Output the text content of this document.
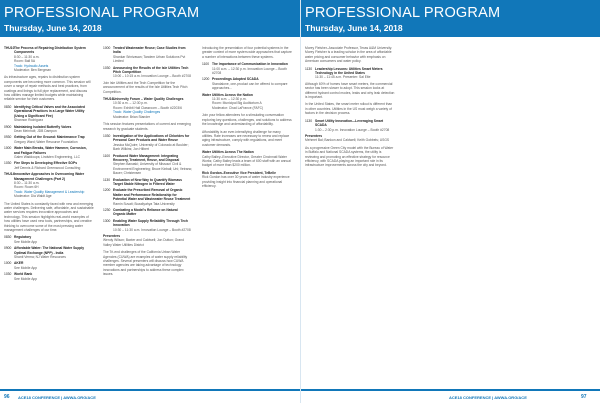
PROFESSIONAL PROGRAM
Thursday, June 14, 2018
THU10The Process of Repairing Distribution System Components
8:30 – 11:30 a.m.
Room: Ball 5A
Track: Hydraulic Assets
Moderator: Ben Bergman

As infrastructure ages, repairs to distribution system components are becoming more common. This session will cover a range of repair methods and best practices, from coatings and linings to full pipe replacement, and discuss how utilities manage limited budgets while maintaining reliable service for their customers.

0830 Identifying Critical Valves and the Associated Operational Practices in a Large Water Utility (Using a Significant Fire)
Shannon Rodriguez
0900 Maintaining Isolated Butterfly Valves
Dean Meinholt; JDB Dampon
0930 Getting Out of the Ground: Maintenance Trap
Gregory Ward; Water Resource Foundation
1000 Water Main Breaks, Water Hammer, Corrosion, and Fatigue Failures
Galen Waddoups; Lindsten Engineering, LLC
1030 Fire Steps to Developing Effective SOPs
Jeff Dennis & Richard Greenwood Consulting
THU14Innovative Approaches in Overcoming Water Management Challenges (Part 2)
8:30 – 11:30 a.m.
Room: Room 6H
Track: Water Quality Management & Leadership
Moderator: Dia Waldt Age

The United States is constantly faced with new and emerging water challenges. Delivering safe, affordable, and sustainable water services requires innovative approaches and technology. This session highlights real-world examples of how utilities have used new tools, partnerships, and creative thinking to overcome some of the most pressing water management challenges of our time.

0830 Regulatory
See Mobile App
0900 Affordable Water: The National Water Supply Optimal Exchange (NPP) - India
Shanti Verma; NJ Water Resources
1000 AKER
See Mobile App
1030 World Bank
See Mobile App
1000 Treated Wastewater Reuse; Case Studies from India
Shankar Srinivasan; Tandem Urban Solutions Pvt Limited
1030 Announcing the Results of the Isle Utilities Tech Pitch Competition
10:00 – 10:15 a.m. Innovation Lounge – Booth #2708

Join Isle Utilities and the Tech Competition for the announcement of the results of the Isle Utilities Tech Pitch Competition.

THU16University Forum – Water Quality Challenges
10:30 a.m. – 12:30 p.m.
Room: Exhibit Hall Classroom – Booth #2203/6
Track: Water Quality Challenges
Moderator: Brian Stander

This session features presentations of current and emerging research by graduate students.

1030 Investigation of the Applications of Chlorides for Personal Care Products and Water Reuse
Jessica McQuire; University of Colorado at Boulder; Barb Wilkins; Jon Hilbert
1100 Produced Water Management: Integrating Recovery, Treatment, Reuse, and Disposal
Stephen Banaski; University of Missouri Civil & Environment Engineering; Bruce Kinball; Uni; Vetrano; Bauer; Christensen
1130 Evaluation of New Way to Quantify Biomass Target Stable Nitrogen in Filtered Water
1200 Evaluate the Prescribed Removal of Organic Matter and Performance Relationship for Potential Water and Wastewater Reuse Treatment
Ramin Suvati; Bozaliyahya Tata University
1230 Combating a Model's Reliance on Natural Organic Matter
1300 Enabling Water Supply Reliability Through Tech Innovation
10:30 – 11:30 a.m. Innovation Lounge – Booth #2708
Presenters

Wendy Wilson; Baxter and Caldwell; Jon Dutton; Grand Valley Water Utilities District

The Tri-end challenges of the California Urban Water Agencies (CUWA) are examples of water supply reliability challenges. Several presenters will discuss how CUWA member agencies are taking advantage of technology innovations and partnerships to address these complex issues.

Introducing the presentation of four potential systems in the greater context of more system-wide approaches that capture a number of interactions between these systems.

1100 The Importance of Communication in Innovation
11:00 a.m. – 12:30 p.m. Innovation Lounge – Booth #2708
1200 Proceedings Adopted SCADA
Standalone, one-product can be offered to compare approaches...
Water Utilities Across the Nation
11:30 a.m. – 12:30 p.m.
Room: Municipal Big Auditorium A
Moderator: Chad LaFrance (FAFC)

Join your fellow attendees for a stimulating conversation exploring key questions, challenges, and solutions to address the knowledge and understanding of affordability.

Affordability is an ever-intensifying challenge for many utilities. Rate increases are necessary to renew and replace aging infrastructure, comply with regulations, and meet customer demands.

Water Utilities Across The Nation

Cathy Bailey–Executive Director, Greater Cincinnati Water Works; Cathy Bailey leads a team of 600 staff with an annual budget of more than $200 million.

Rick Gordon–Executive Vice President, TeBelle

Rick Gordon has over 30 years of water industry experience providing insight into financial planning and operational efficiency.

96 ACE18 CONFERENCE | AWWA.ORG/ACE
PROFESSIONAL PROGRAM
Thursday, June 14, 2018

Morey Fleisher–Associate Professor, Texas A&M University. Morey Fleisher is a leading scholar in the area of affordable water pricing and consumer behavior with emphasis on American consumers and water policy.

1130 Leadership Lessons: Utilities Smart Meters Technology in the United States
11:30 – 11:45 a.m. Presenter: Sal Elte

Although 60% of homes have smart meters, the commercial sector has been slower to adopt. This session looks at different hydrant control modes, leaks and why leak detection is important.

In the United States, the smart meter rollout is different than in other countries. Utilities in the US must weigh a variety of factors in the decision process.

1130 Smart Utility Innovation—Leveraging Smart SCADA
1:30 – 2:30 p.m. Innovation Lounge – Booth #2708
Presenters

Mehmet Bal; Bankon and Caldwell; Keith Gobbels; USGS

As a progressive Green City model with the Bureau of Water in Buffalo and National SCADA systems, the utility is reviewing and promoting an effective strategy for resource efficiency, with SCADA playing an important role in its infrastructure improvements across the city and beyond.

ACE18 CONFERENCE | AWWA.ORG/ACE	97
